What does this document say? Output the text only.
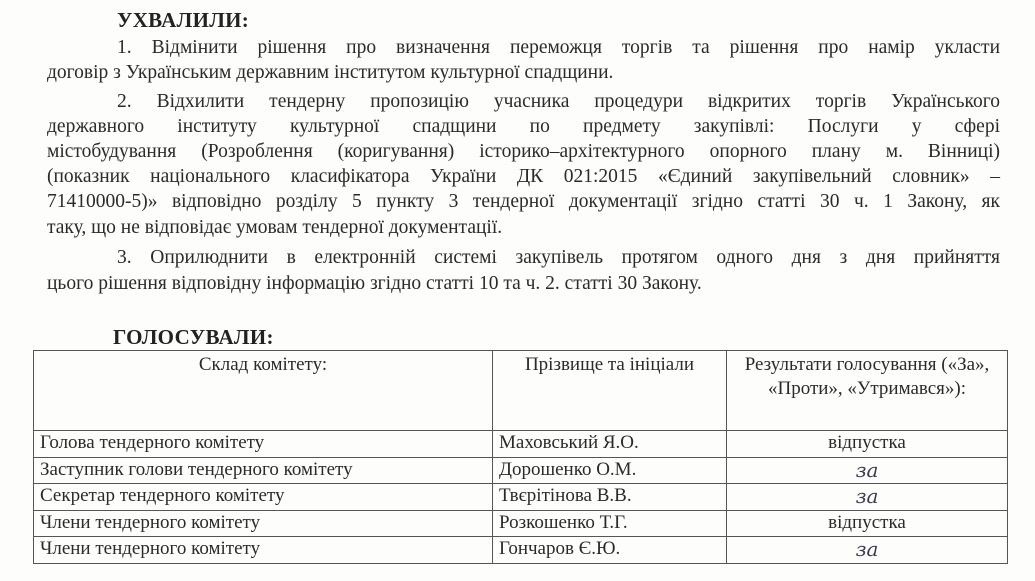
УХВАЛИЛИ:
1. Відмінити рішення про визначення переможця торгів та рішення про намір укласти
договір з Українським державним інститутом культурної спадщини.
2. Відхилити тендерну пропозицію учасника процедури відкритих торгів Українського
державного інституту культурної спадщини по предмету закупівлі: Послуги у сфері
містобудування (Розроблення (коригування) історико–архітектурного опорного плану м. Вінниці)
(показник національного класифікатора України ДК 021:2015 «Єдиний закупівельний словник» –
71410000-5)» відповідно розділу 5 пункту 3 тендерної документації згідно статті 30 ч. 1 Закону, як
таку, що не відповідає умовам тендерної документації.
3. Оприлюднити в електронній системі закупівель протягом одного дня з дня прийняття
цього рішення відповідну інформацію згідно статті 10 та ч. 2. статті 30 Закону.
ГОЛОСУВАЛИ:
Склад комітету:	Прізвище та ініціали	Результати голосування («За», «Проти», «Утримався»):
Голова тендерного комітету	Маховський Я.О.	відпустка
Заступник голови тендерного комітету	Дорошенко О.М.	за
Секретар тендерного комітету	Твєрітінова В.В.	за
Члени тендерного комітету	Розкошенко Т.Г.	відпустка
Члени тендерного комітету	Гончаров Є.Ю.	за
